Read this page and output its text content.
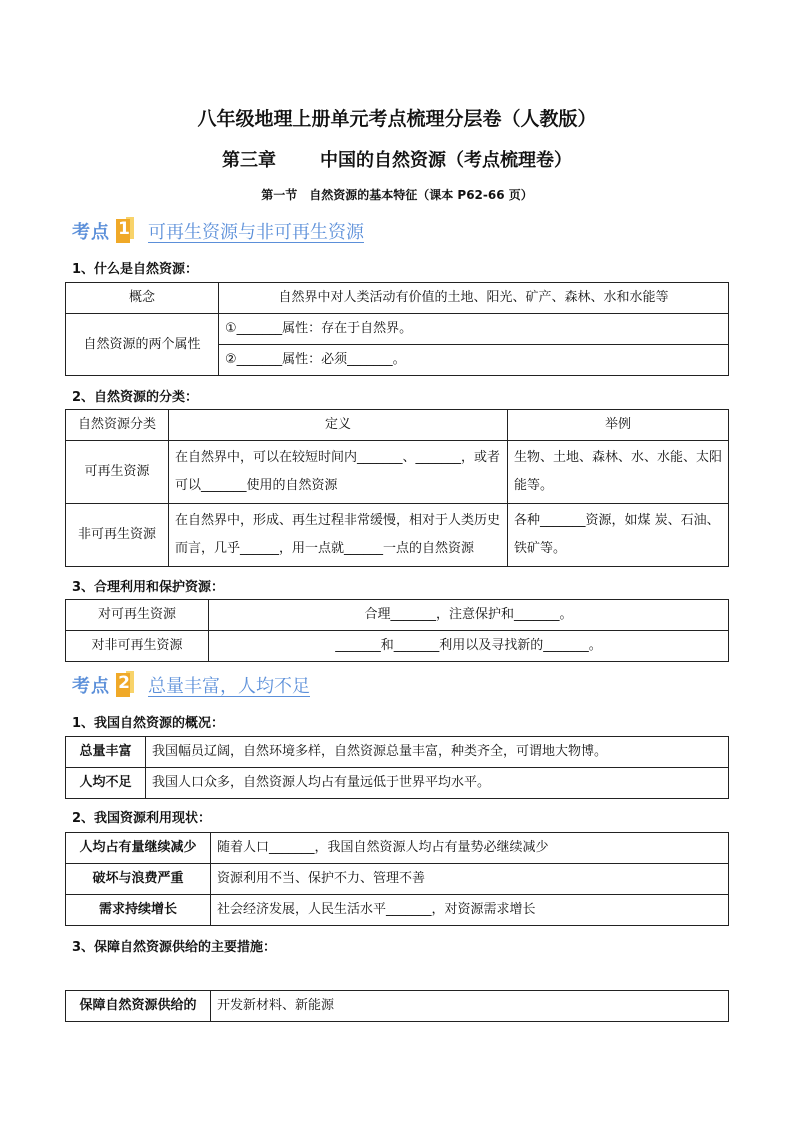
八年级地理上册单元考点梳理分层卷（人教版）
第三章 中国的自然资源（考点梳理卷）
第一节　自然资源的基本特征（课本 P62-66 页）
考点 1 可再生资源与非可再生资源
1、什么是自然资源：
概念	自然界中对人类活动有价值的土地、阳光、矿产、森林、水和水能等
自然资源的两个属性	①_______属性：存在于自然界。
	②_______属性：必须_______。
2、自然资源的分类：
自然资源分类	定义	举例
可再生资源	在自然界中，可以在较短时间内_______、_______，或者可以_______使用的自然资源	生物、土地、森林、水、水能、太阳能等。
非可再生资源	在自然界中，形成、再生过程非常缓慢，相对于人类历史而言，几乎______，用一点就______一点的自然资源	各种_______资源，如煤 炭、石油、铁矿等。
3、合理利用和保护资源：
对可再生资源	合理_______，注意保护和_______。
对非可再生资源	_______和_______利用以及寻找新的_______。
考点 2 总量丰富，人均不足
1、我国自然资源的概况：
总量丰富	我国幅员辽阔，自然环境多样，自然资源总量丰富，种类齐全，可谓地大物博。
人均不足	我国人口众多，自然资源人均占有量远低于世界平均水平。
2、我国资源利用现状：
人均占有量继续减少	随着人口_______，我国自然资源人均占有量势必继续减少
破坏与浪费严重	资源利用不当、保护不力、管理不善
需求持续增长	社会经济发展，人民生活水平_______，对资源需求增长
3、保障自然资源供给的主要措施：
保障自然资源供给的	开发新材料、新能源
